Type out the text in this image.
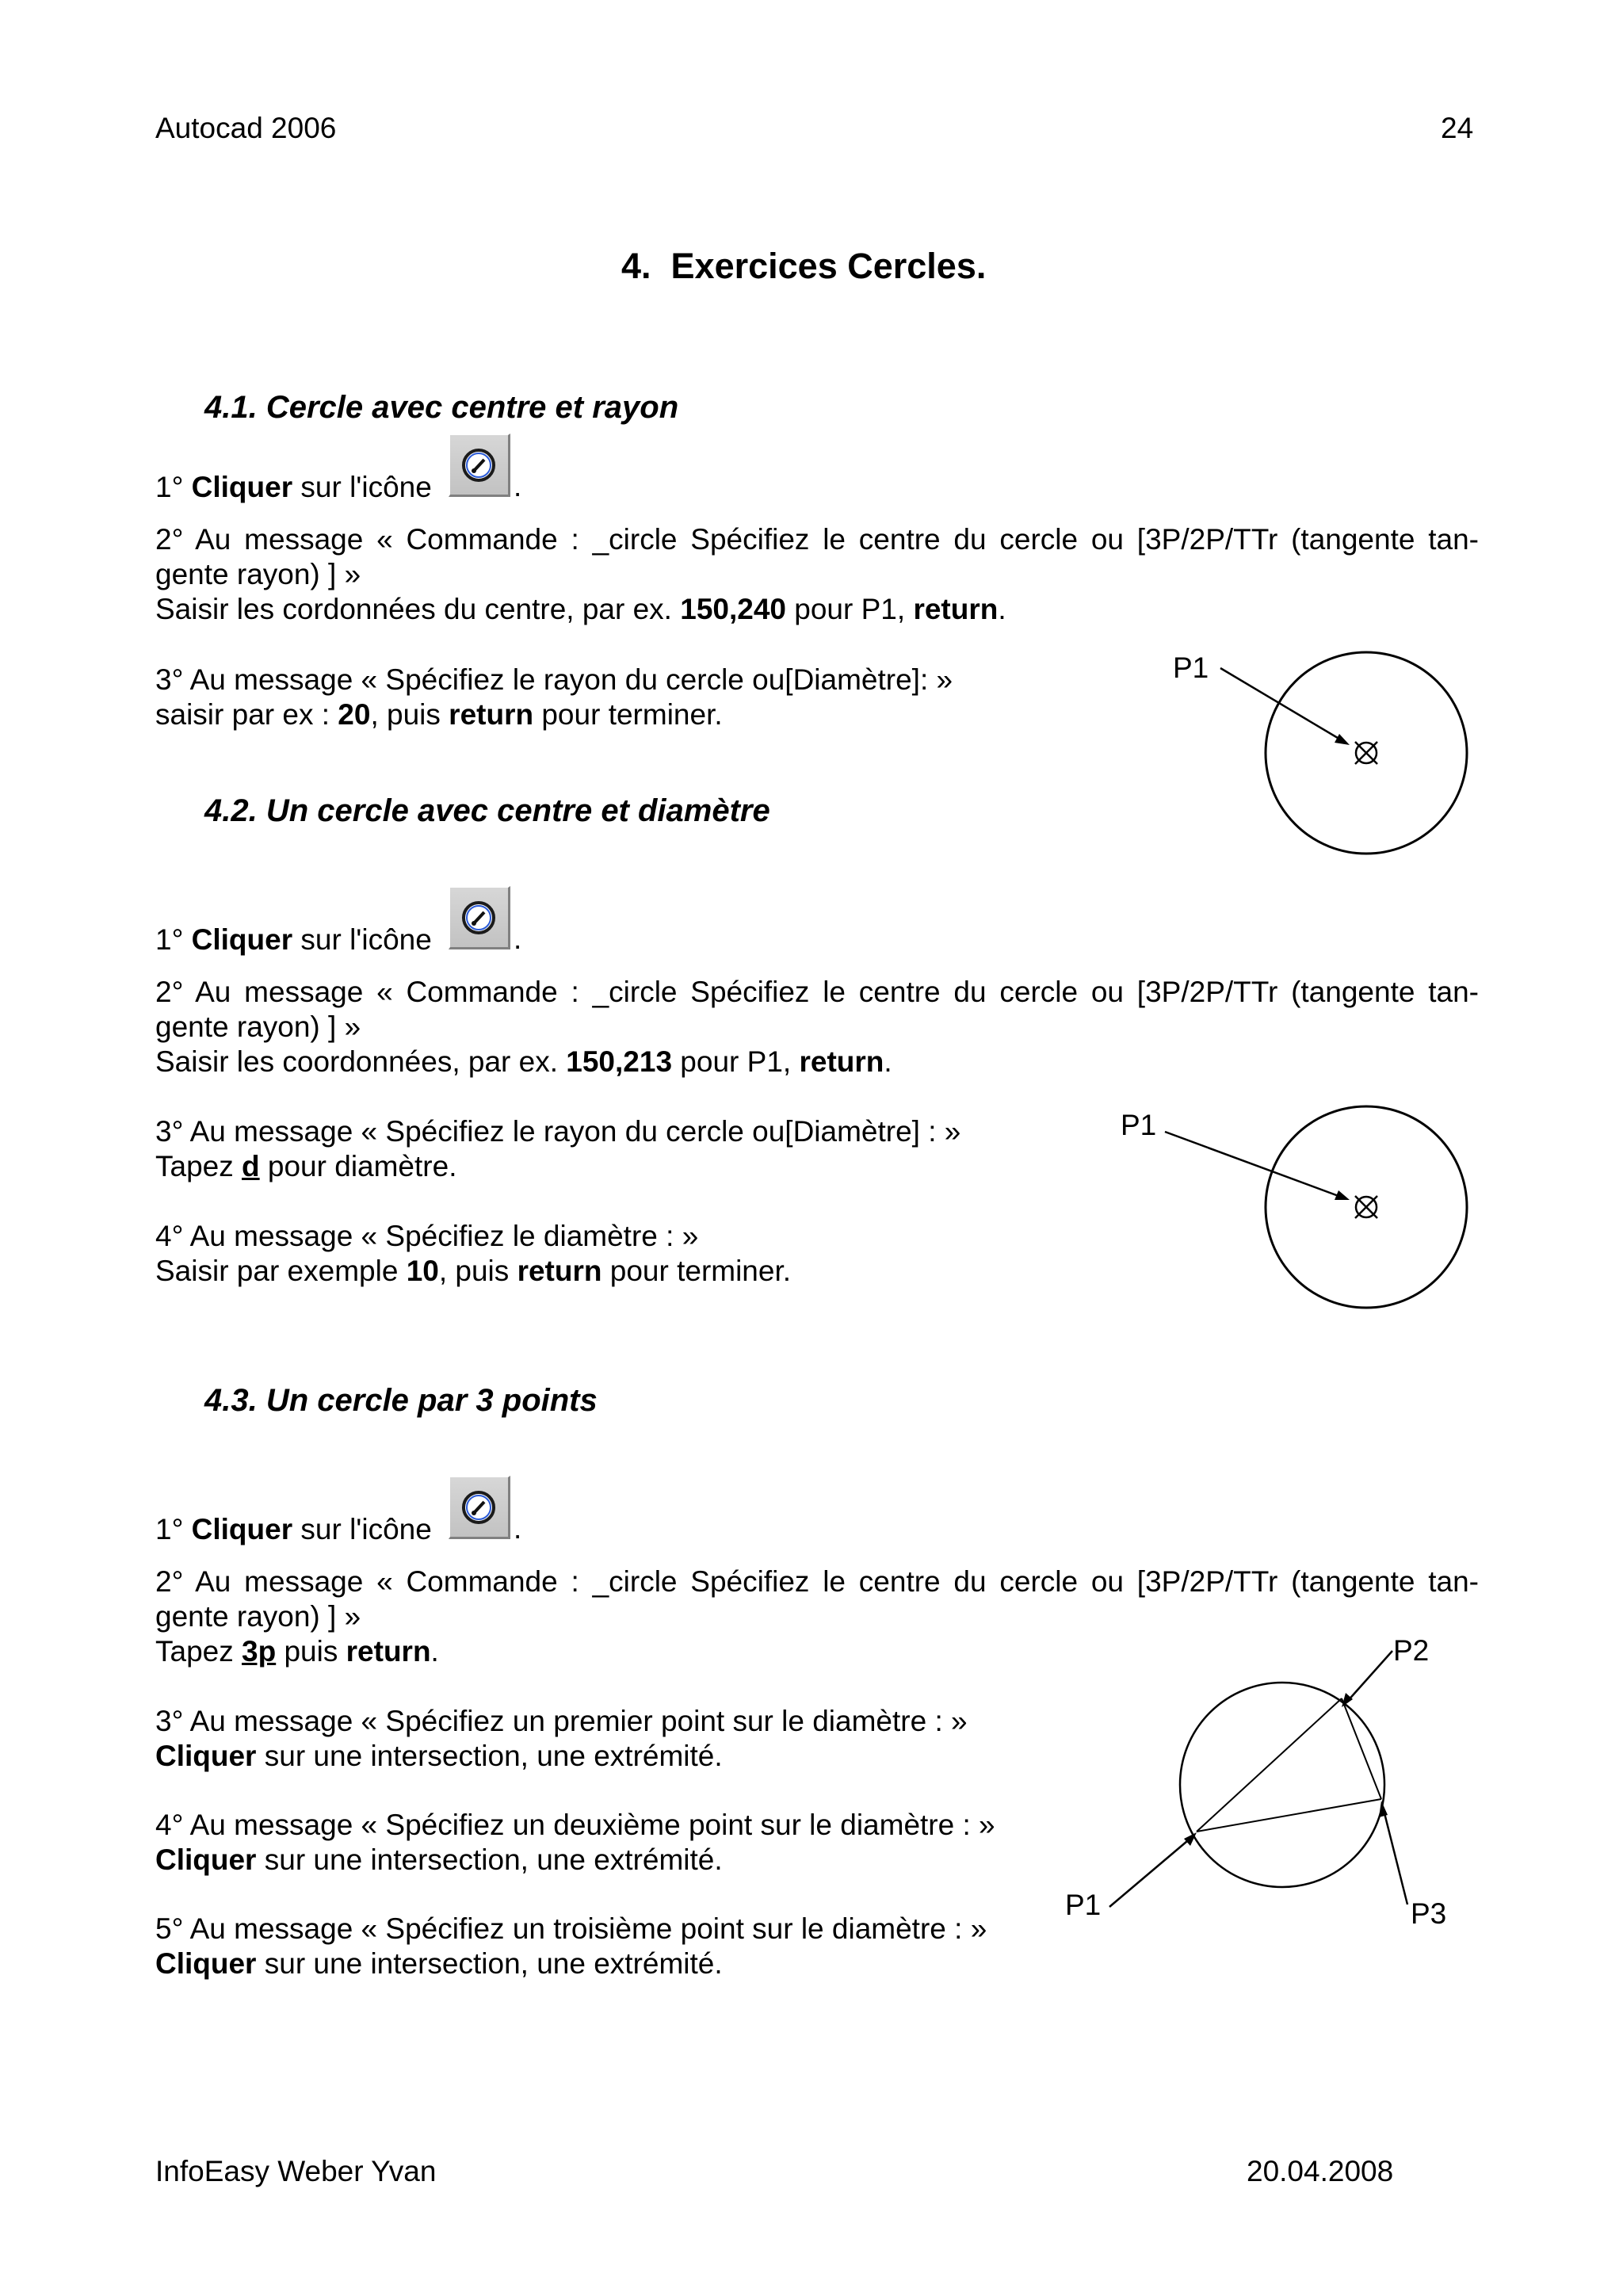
Autocad 2006	24
4. Exercices Cercles.
4.1. Cercle avec centre et rayon
1° Cliquer sur l'icône	.
2° Au message « Commande : _circle Spécifiez le centre du cercle ou [3P/2P/TTr (tangente tan-
gente rayon) ] »
Saisir les cordonnées du centre, par ex. 150,240 pour P1, return.
3° Au message « Spécifiez le rayon du cercle ou[Diamètre]: »
saisir par ex : 20, puis return pour terminer.
P1
4.2. Un cercle avec centre et diamètre
1° Cliquer sur l'icône	.
2° Au message « Commande : _circle Spécifiez le centre du cercle ou [3P/2P/TTr (tangente tan-
gente rayon) ] »
Saisir les coordonnées, par ex. 150,213 pour P1, return.
3° Au message « Spécifiez le rayon du cercle ou[Diamètre] : »
Tapez d pour diamètre.
4° Au message « Spécifiez le diamètre : »
Saisir par exemple 10, puis return pour terminer.
P1
4.3. Un cercle par 3 points
1° Cliquer sur l'icône	.
2° Au message « Commande : _circle Spécifiez le centre du cercle ou [3P/2P/TTr (tangente tan-
gente rayon) ] »
Tapez 3p puis return.
3° Au message « Spécifiez un premier point sur le diamètre : »
Cliquer sur une intersection, une extrémité.
4° Au message « Spécifiez un deuxième point sur le diamètre : »
Cliquer sur une intersection, une extrémité.
5° Au message « Spécifiez un troisième point sur le diamètre : »
Cliquer sur une intersection, une extrémité.
P2
P3
P1
InfoEasy Weber Yvan	20.04.2008
